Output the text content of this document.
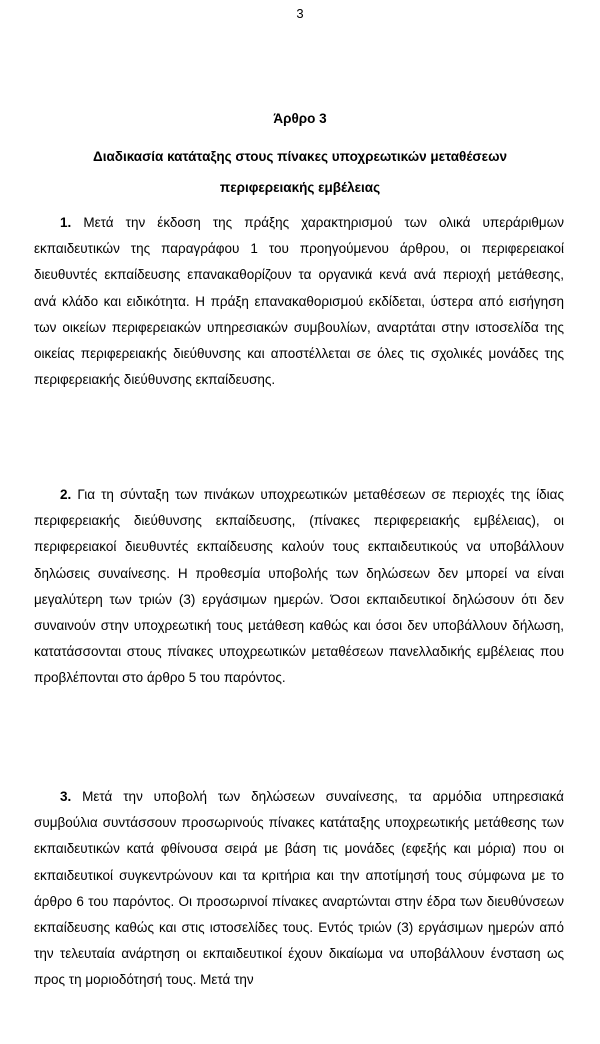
3
Άρθρο 3
Διαδικασία κατάταξης στους πίνακες υποχρεωτικών μεταθέσεων περιφερειακής εμβέλειας

1. Μετά την έκδοση της πράξης χαρακτηρισμού των ολικά υπεράριθμων εκπαιδευτικών της παραγράφου 1 του προηγούμενου άρθρου, οι περιφερειακοί διευθυντές εκπαίδευσης επανακαθορίζουν τα οργανικά κενά ανά περιοχή μετάθεσης, ανά κλάδο και ειδικότητα. Η πράξη επανακαθορισμού εκδίδεται, ύστερα από εισήγηση των οικείων περιφερειακών υπηρεσιακών συμβουλίων, αναρτάται στην ιστοσελίδα της οικείας περιφερειακής διεύθυνσης και αποστέλλεται σε όλες τις σχολικές μονάδες της περιφερειακής διεύθυνσης εκπαίδευσης.

2. Για τη σύνταξη των πινάκων υποχρεωτικών μεταθέσεων σε περιοχές της ίδιας περιφερειακής διεύθυνσης εκπαίδευσης, (πίνακες περιφερειακής εμβέλειας), οι περιφερειακοί διευθυντές εκπαίδευσης καλούν τους εκπαιδευτικούς να υποβάλλουν δηλώσεις συναίνεσης. Η προθεσμία υποβολής των δηλώσεων δεν μπορεί να είναι μεγαλύτερη των τριών (3) εργάσιμων ημερών. Όσοι εκπαιδευτικοί δηλώσουν ότι δεν συναινούν στην υποχρεωτική τους μετάθεση καθώς και όσοι δεν υποβάλλουν δήλωση, κατατάσσονται στους πίνακες υποχρεωτικών μεταθέσεων πανελλαδικής εμβέλειας που προβλέπονται στο άρθρο 5 του παρόντος.

3. Μετά την υποβολή των δηλώσεων συναίνεσης, τα αρμόδια υπηρεσιακά συμβούλια συντάσσουν προσωρινούς πίνακες κατάταξης υποχρεωτικής μετάθεσης των εκπαιδευτικών κατά φθίνουσα σειρά με βάση τις μονάδες (εφεξής και μόρια) που οι εκπαιδευτικοί συγκεντρώνουν και τα κριτήρια και την αποτίμησή τους σύμφωνα με το άρθρο 6 του παρόντος. Οι προσωρινοί πίνακες αναρτώνται στην έδρα των διευθύνσεων εκπαίδευσης καθώς και στις ιστοσελίδες τους. Εντός τριών (3) εργάσιμων ημερών από την τελευταία ανάρτηση οι εκπαιδευτικοί έχουν δικαίωμα να υποβάλλουν ένσταση ως προς τη μοριοδότησή τους. Μετά την
